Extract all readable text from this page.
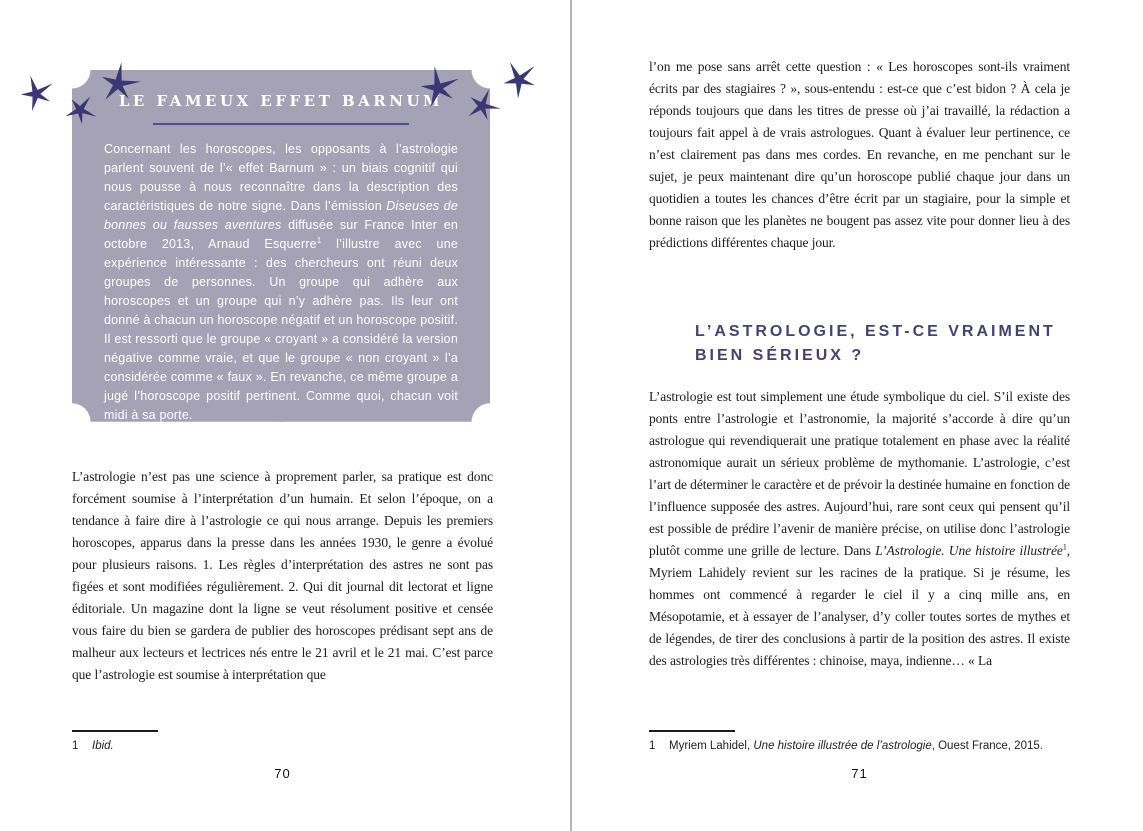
LE FAMEUX EFFET BARNUM

Concernant les horoscopes, les opposants à l’astrologie parlent souvent de l’« effet Barnum » : un biais cognitif qui nous pousse à nous reconnaître dans la description des caractéristiques de notre signe. Dans l’émission Diseuses de bonnes ou fausses aventures diffusée sur France Inter en octobre 2013, Arnaud Esquerre$^1$ l’illustre avec une expérience intéressante : des chercheurs ont réuni deux groupes de personnes. Un groupe qui adhère aux horoscopes et un groupe qui n’y adhère pas. Ils leur ont donné à chacun un horoscope négatif et un horoscope positif. Il est ressorti que le groupe « croyant » a considéré la version négative comme vraie, et que le groupe « non croyant » l’a considérée comme « faux ». En revanche, ce même groupe a jugé l’horoscope positif pertinent. Comme quoi, chacun voit midi à sa porte.

L’astrologie n’est pas une science à proprement parler, sa pratique est donc forcément soumise à l’interprétation d’un humain. Et selon l’époque, on a tendance à faire dire à l’astrologie ce qui nous arrange. Depuis les premiers horoscopes, apparus dans la presse dans les années 1930, le genre a évolué pour plusieurs raisons. 1. Les règles d’interprétation des astres ne sont pas figées et sont modifiées régulièrement. 2. Qui dit journal dit lectorat et ligne éditoriale. Un magazine dont la ligne se veut résolument positive et censée vous faire du bien se gardera de publier des horoscopes prédisant sept ans de malheur aux lecteurs et lectrices nés entre le 21 avril et le 21 mai. C’est parce que l’astrologie est soumise à interprétation que

1 Ibid.

70

l’on me pose sans arrêt cette question : « Les horoscopes sont-ils vraiment écrits par des stagiaires ? », sous-entendu : est-ce que c’est bidon ? À cela je réponds toujours que dans les titres de presse où j’ai travaillé, la rédaction a toujours fait appel à de vrais astrologues. Quant à évaluer leur pertinence, ce n’est clairement pas dans mes cordes. En revanche, en me penchant sur le sujet, je peux maintenant dire qu’un horoscope publié chaque jour dans un quotidien a toutes les chances d’être écrit par un stagiaire, pour la simple et bonne raison que les planètes ne bougent pas assez vite pour donner lieu à des prédictions différentes chaque jour.

L’ASTROLOGIE, EST-CE VRAIMENT
BIEN SÉRIEUX ?

L’astrologie est tout simplement une étude symbolique du ciel. S’il existe des ponts entre l’astrologie et l’astronomie, la majorité s’accorde à dire qu’un astrologue qui revendiquerait une pratique totalement en phase avec la réalité astronomique aurait un sérieux problème de mythomanie. L’astrologie, c’est l’art de déterminer le caractère et de prévoir la destinée humaine en fonction de l’influence supposée des astres. Aujourd’hui, rare sont ceux qui pensent qu’il est possible de prédire l’avenir de manière précise, on utilise donc l’astrologie plutôt comme une grille de lecture. Dans L’Astrologie. Une histoire illustrée$^1$, Myriem Lahidely revient sur les racines de la pratique. Si je résume, les hommes ont commencé à regarder le ciel il y a cinq mille ans, en Mésopotamie, et à essayer de l’analyser, d’y coller toutes sortes de mythes et de légendes, de tirer des conclusions à partir de la position des astres. Il existe des astrologies très différentes : chinoise, maya, indienne… « La

1 Myriem Lahidel, Une histoire illustrée de l’astrologie, Ouest France, 2015.

71
